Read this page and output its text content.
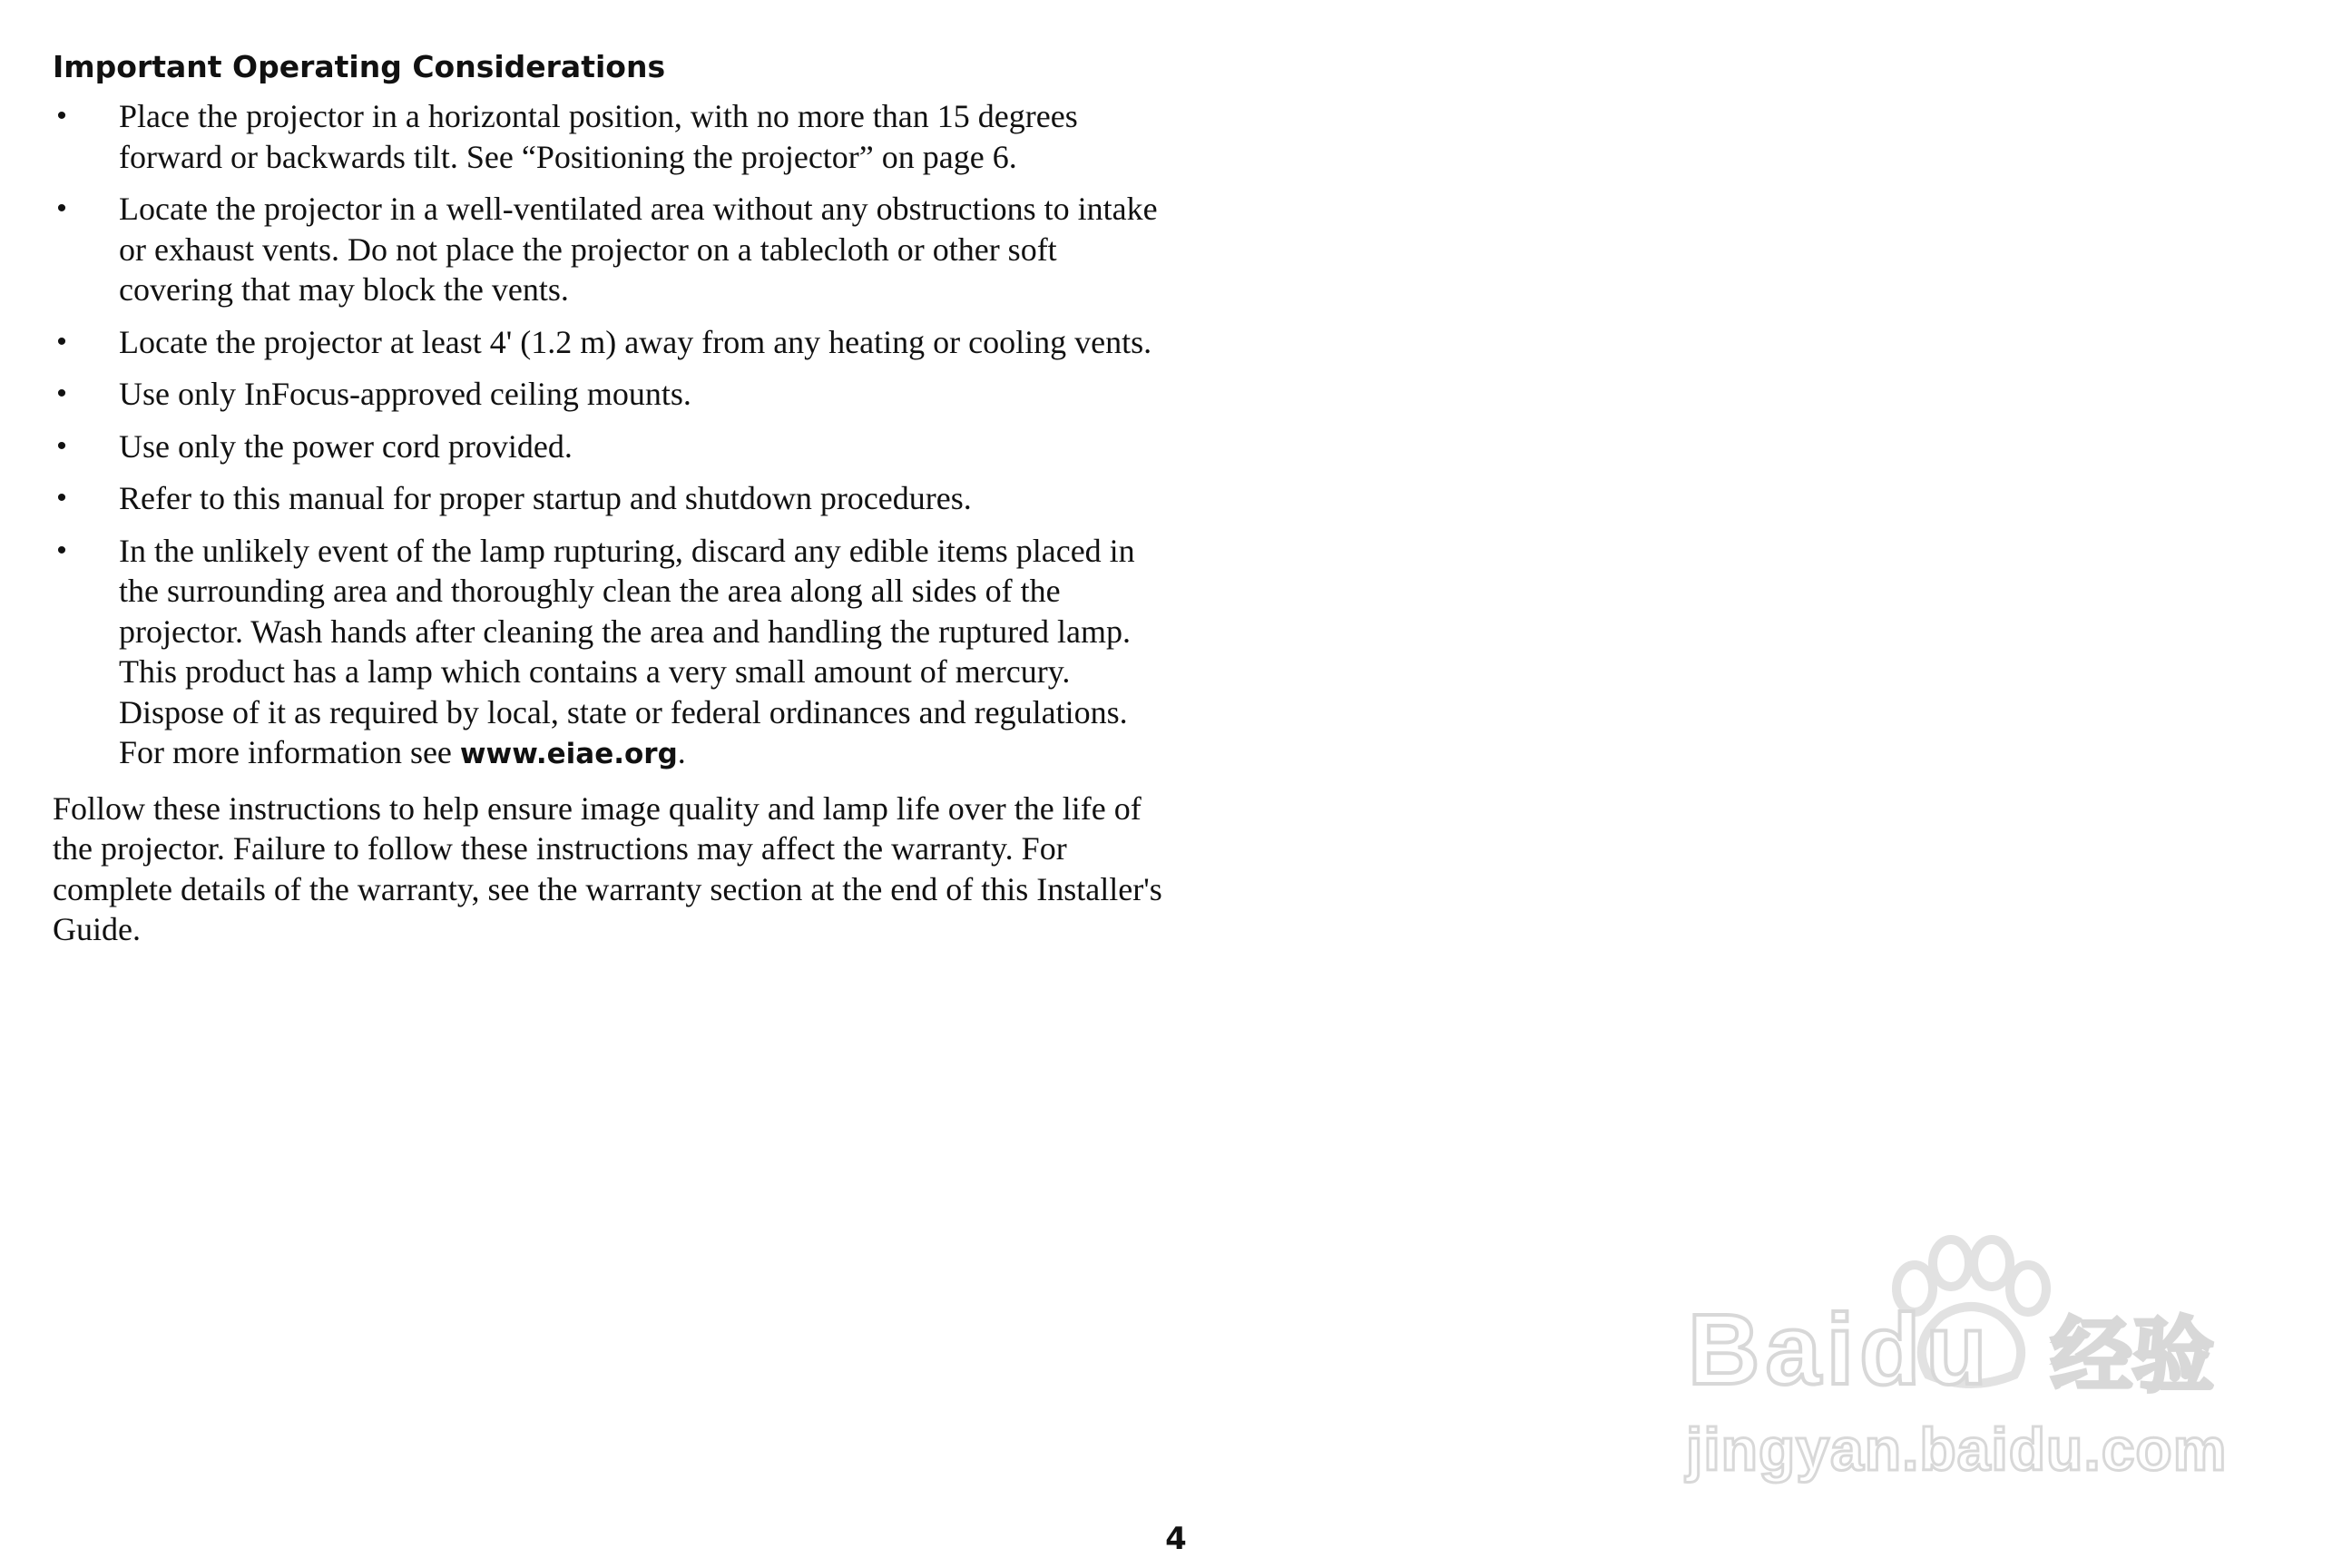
Important Operating Considerations
• Place the projector in a horizontal position, with no more than 15 degrees forward or backwards tilt. See “Positioning the projector” on page 6.
• Locate the projector in a well-ventilated area without any obstructions to intake or exhaust vents. Do not place the projector on a tablecloth or other soft covering that may block the vents.
• Locate the projector at least 4' (1.2 m) away from any heating or cooling vents.
• Use only InFocus-approved ceiling mounts.
• Use only the power cord provided.
• Refer to this manual for proper startup and shutdown procedures.
• In the unlikely event of the lamp rupturing, discard any edible items placed in the surrounding area and thoroughly clean the area along all sides of the projector. Wash hands after cleaning the area and handling the ruptured lamp. This product has a lamp which contains a very small amount of mercury. Dispose of it as required by local, state or federal ordinances and regulations. For more information see www.eiae.org.

Follow these instructions to help ensure image quality and lamp life over the life of the projector. Failure to follow these instructions may affect the warranty. For complete details of the warranty, see the warranty section at the end of this Installer's Guide.

Baidu 经验
jingyan.baidu.com
4
